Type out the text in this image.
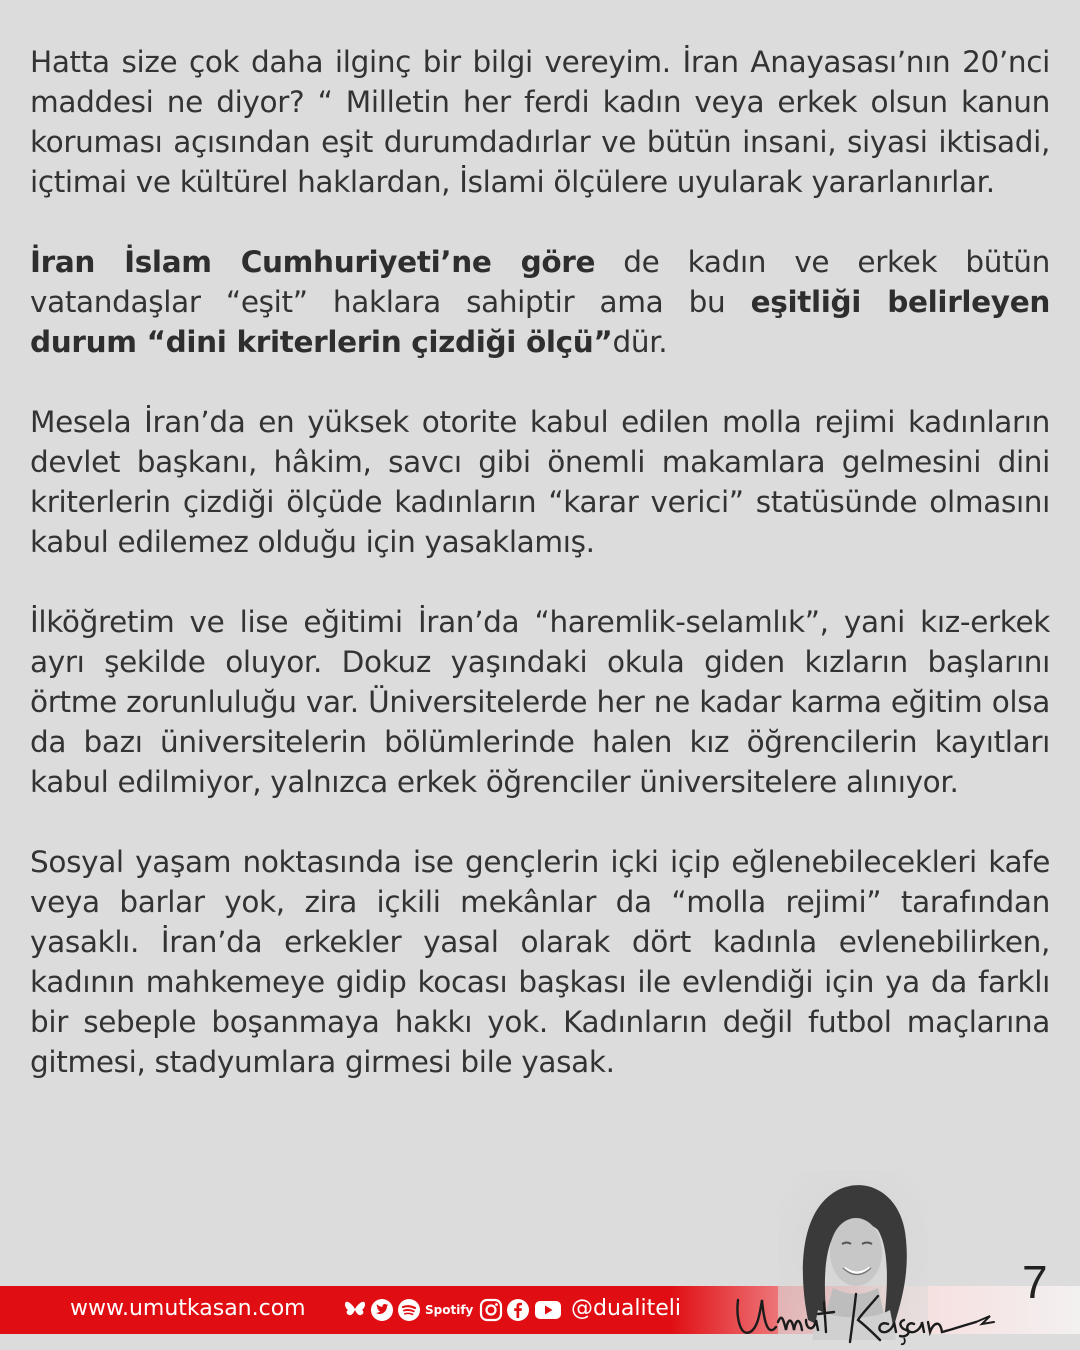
Hatta size çok daha ilginç bir bilgi vereyim. İran Anayasası’nın 20’nci maddesi ne diyor? “ Milletin her ferdi kadın veya erkek olsun kanun koruması açısından eşit durumdadırlar ve bütün insani, siyasi iktisadi, içtimai ve kültürel haklardan, İslami ölçülere uyularak yararlanırlar.

İran İslam Cumhuriyeti’ne göre de kadın ve erkek bütün vatandaşlar “eşit” haklara sahiptir ama bu eşitliği belirleyen durum “dini kriterlerin çizdiği ölçü”dür.

Mesela İran’da en yüksek otorite kabul edilen molla rejimi kadınların devlet başkanı, hâkim, savcı gibi önemli makamlara gelmesini dini kriterlerin çizdiği ölçüde kadınların “karar verici” statüsünde olmasını kabul edilemez olduğu için yasaklamış.

İlköğretim ve lise eğitimi İran’da “haremlik-selamlık”, yani kız-erkek ayrı şekilde oluyor. Dokuz yaşındaki okula giden kızların başlarını örtme zorunluluğu var. Üniversitelerde her ne kadar karma eğitim olsa da bazı üniversitelerin bölümlerinde halen kız öğrencilerin kayıtları kabul edilmiyor, yalnızca erkek öğrenciler üniversitelere alınıyor.

Sosyal yaşam noktasında ise gençlerin içki içip eğlenebilecekleri kafe veya barlar yok, zira içkili mekânlar da “molla rejimi” tarafından yasaklı. İran’da erkekler yasal olarak dört kadınla evlenebilirken, kadının mahkemeye gidip kocası başkası ile evlendiği için ya da farklı bir sebeple boşanmaya hakkı yok. Kadınların değil futbol maçlarına gitmesi, stadyumlara girmesi bile yasak.

www.umutkasan.com	Spotify	@dualiteli
7
